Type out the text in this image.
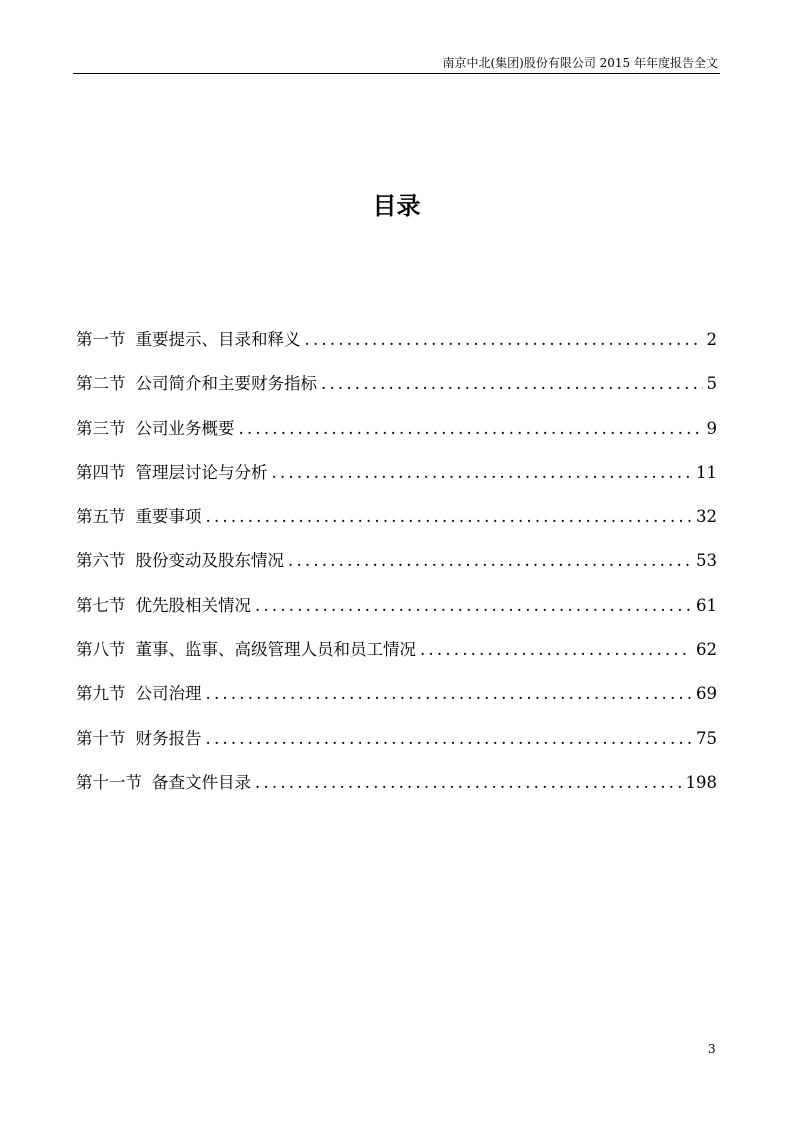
南京中北(集团)股份有限公司 2015 年年度报告全文
目录
第一节 重要提示、目录和释义 .....	2
第二节 公司简介和主要财务指标 .....	5
第三节 公司业务概要 .....	9
第四节 管理层讨论与分析 .....	11
第五节 重要事项 .....	32
第六节 股份变动及股东情况 .....	53
第七节 优先股相关情况 .....	61
第八节 董事、监事、高级管理人员和员工情况 .....	62
第九节 公司治理 .....	69
第十节 财务报告 .....	75
第十一节 备查文件目录 .....	198
3
